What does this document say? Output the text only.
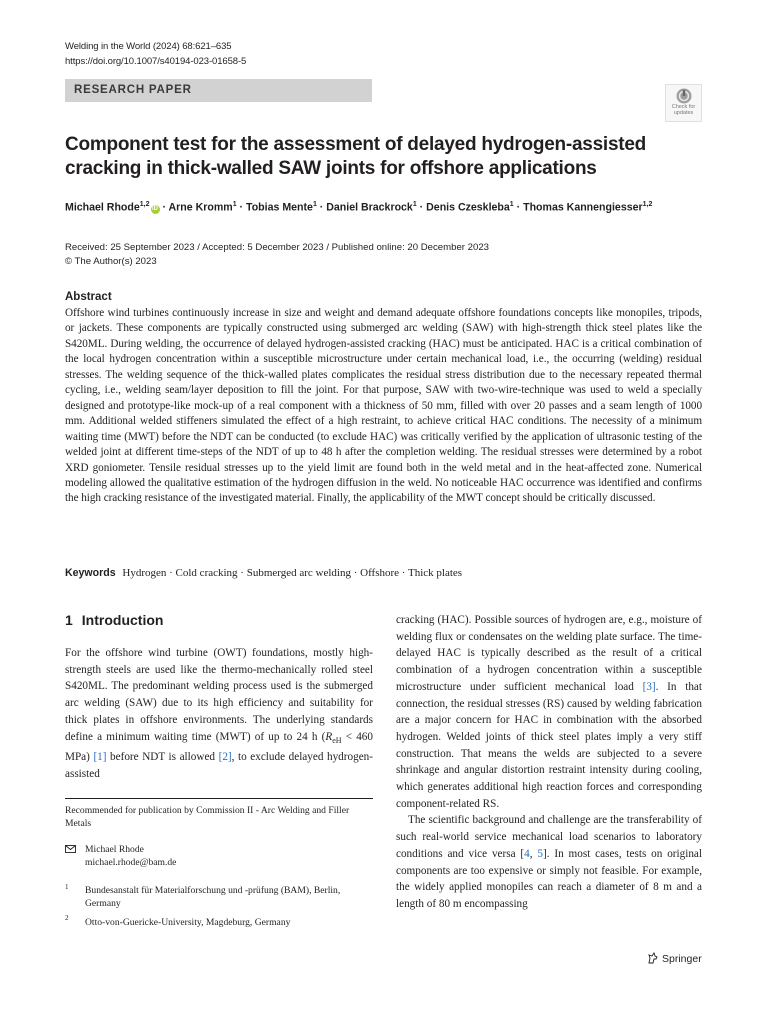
Welding in the World (2024) 68:621–635
https://doi.org/10.1007/s40194-023-01658-5
RESEARCH PAPER
Check for
updates
Component test for the assessment of delayed hydrogen-assisted cracking in thick-walled SAW joints for offshore applications
Michael Rhode$^{1,2}$iD · Arne Kromm$^1$ · Tobias Mente$^1$ · Daniel Brackrock$^1$ · Denis Czeskleba$^1$ · Thomas Kannengiesser$^{1,2}$
Received: 25 September 2023 / Accepted: 5 December 2023 / Published online: 20 December 2023
© The Author(s) 2023
Abstract

Offshore wind turbines continuously increase in size and weight and demand adequate offshore foundations concepts like monopiles, tripods, or jackets. These components are typically constructed using submerged arc welding (SAW) with high-strength thick steel plates like the S420ML. During welding, the occurrence of delayed hydrogen-assisted cracking (HAC) must be anticipated. HAC is a critical combination of the local hydrogen concentration within a susceptible microstructure under certain mechanical load, i.e., the occurring (welding) residual stresses. The welding sequence of the thick-walled plates complicates the residual stress distribution due to the necessary repeated thermal cycling, i.e., welding seam/layer deposition to fill the joint. For that purpose, SAW with two-wire-technique was used to weld a specially designed and prototype-like mock-up of a real component with a thickness of 50 mm, filled with over 20 passes and a seam length of 1000 mm. Additional welded stiffeners simulated the effect of a high restraint, to achieve critical HAC conditions. The necessity of a minimum waiting time (MWT) before the NDT can be conducted (to exclude HAC) was critically verified by the application of ultrasonic testing of the welded joint at different time-steps of the NDT of up to 48 h after the completion welding. The residual stresses were determined by a robot XRD goniometer. Tensile residual stresses up to the yield limit are found both in the weld metal and in the heat-affected zone. Numerical modeling allowed the qualitative estimation of the hydrogen diffusion in the weld. No noticeable HAC occurrence was identified and confirms the high cracking resistance of the investigated material. Finally, the applicability of the MWT concept should be critically discussed.

Keywords Hydrogen · Cold cracking · Submerged arc welding · Offshore · Thick plates
1 Introduction

For the offshore wind turbine (OWT) foundations, mostly high-strength steels are used like the thermo-mechanically rolled steel S420ML. The predominant welding process used is the submerged arc welding (SAW) due to its high efficiency and suitability for thick plates in offshore environments. The underlying standards define a minimum waiting time (MWT) of up to 24 h ($R_{eH} < 460$ MPa) [1] before NDT is allowed [2], to exclude delayed hydrogen-assisted

Recommended for publication by Commission II - Arc Welding and Filler Metals
Michael Rhode
michael.rhode@bam.de
1 Bundesanstalt für Materialforschung und -prüfung (BAM), Berlin, Germany
2 Otto-von-Guericke-University, Magdeburg, Germany

cracking (HAC). Possible sources of hydrogen are, e.g., moisture of welding flux or condensates on the welding plate surface. The time-delayed HAC is typically described as the result of a critical combination of a hydrogen concentration within a susceptible microstructure under sufficient mechanical load [3]. In that connection, the residual stresses (RS) caused by welding fabrication are a major concern for HAC in combination with the absorbed hydrogen. Welded joints of thick steel plates imply a very stiff construction. That means the welds are subjected to a severe shrinkage and angular distortion restraint intensity during cooling, which generates additional high reaction forces and corresponding component-related RS.

The scientific background and challenge are the transferability of such real-world service mechanical load scenarios to laboratory conditions and vice versa [4, 5]. In most cases, tests on original components are too expensive or simply not feasible. For example, the widely applied monopiles can reach a diameter of 8 m and a length of 80 m encompassing

Springer
